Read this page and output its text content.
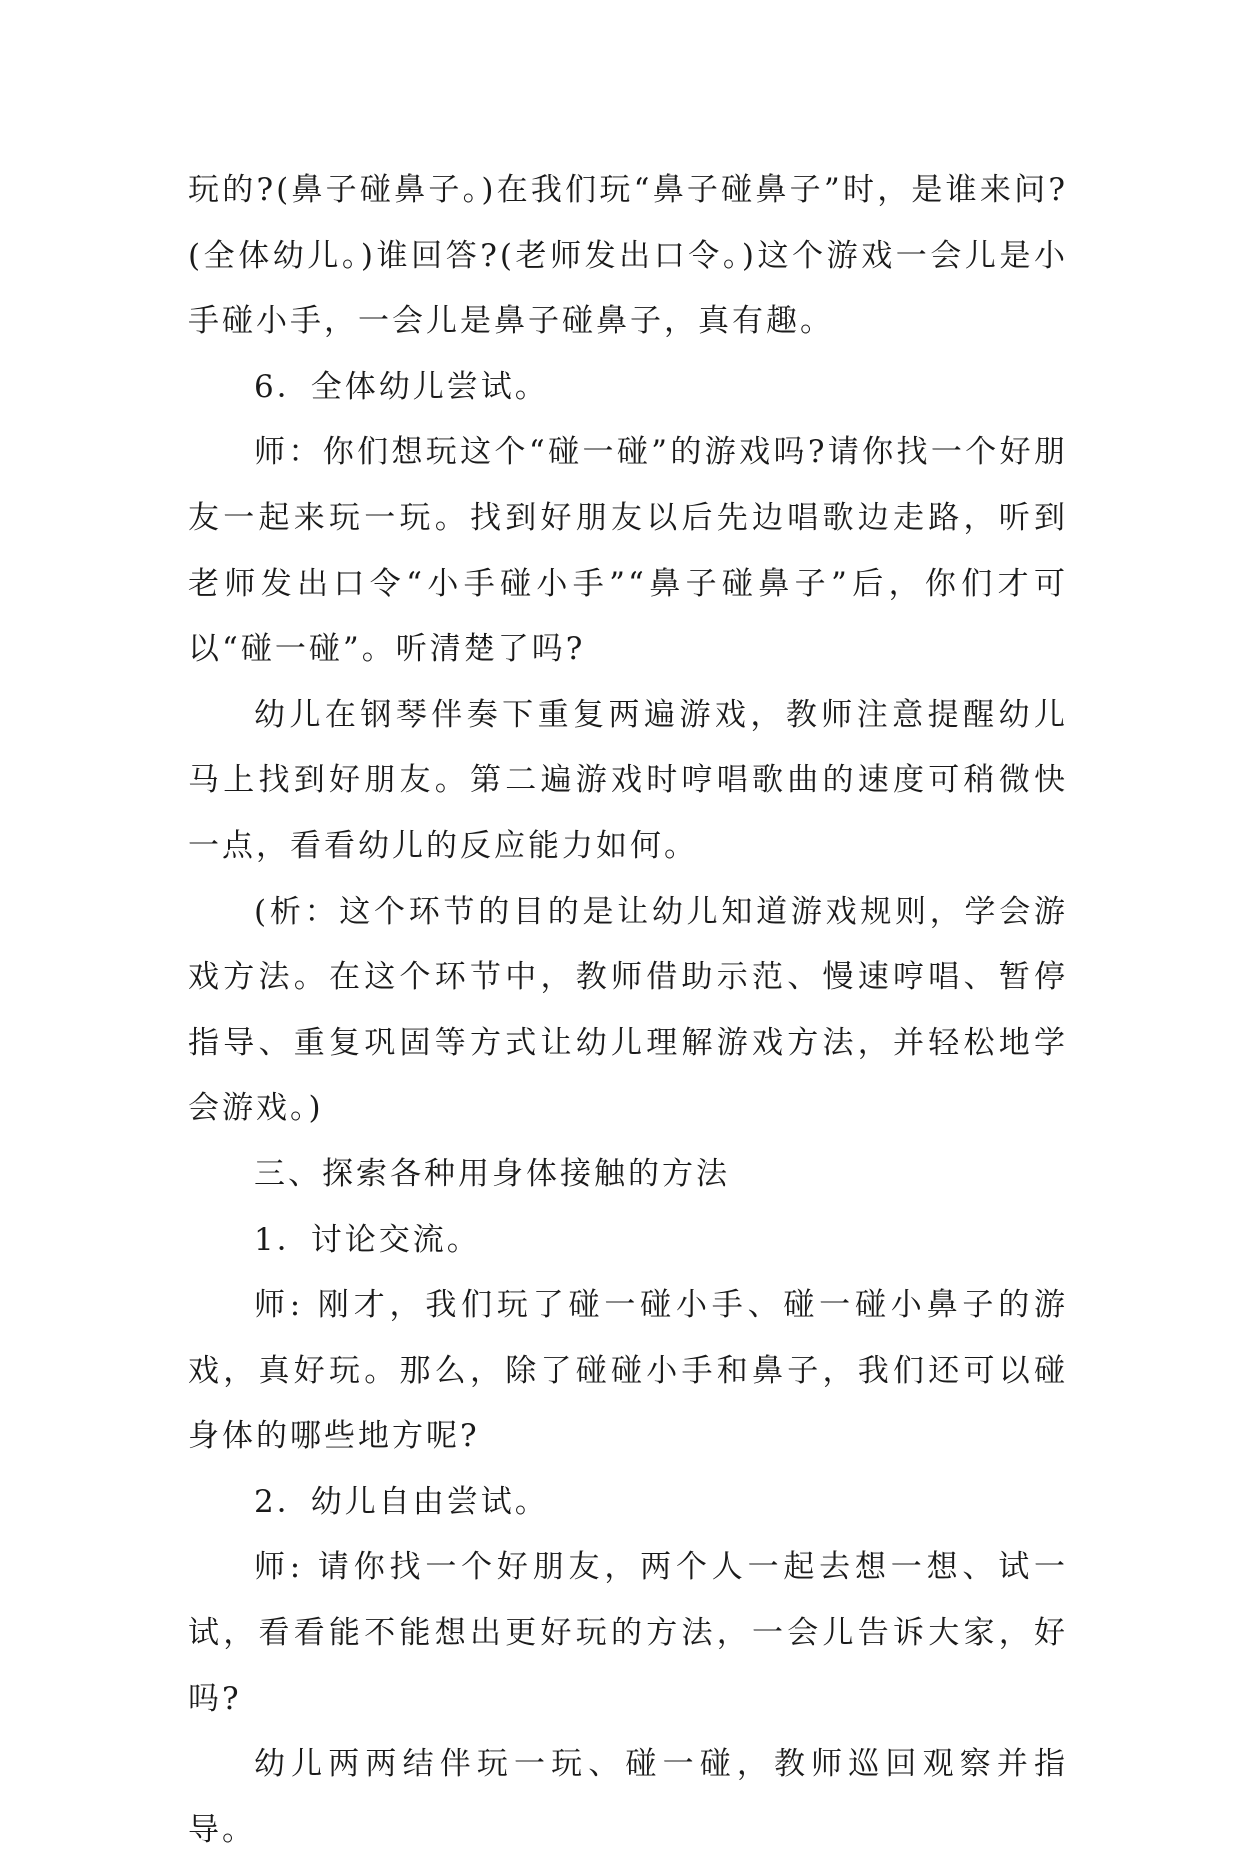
玩的?(鼻子碰鼻子。)在我们玩“鼻子碰鼻子”时，是谁来问?(全体幼儿。)谁回答?(老师发出口令。)这个游戏一会儿是小手碰小手，一会儿是鼻子碰鼻子，真有趣。

6．全体幼儿尝试。

师：你们想玩这个“碰一碰”的游戏吗?请你找一个好朋友一起来玩一玩。找到好朋友以后先边唱歌边走路，听到老师发出口令“小手碰小手”“鼻子碰鼻子”后，你们才可以“碰一碰”。听清楚了吗?

幼儿在钢琴伴奏下重复两遍游戏，教师注意提醒幼儿马上找到好朋友。第二遍游戏时哼唱歌曲的速度可稍微快一点，看看幼儿的反应能力如何。

(析：这个环节的目的是让幼儿知道游戏规则，学会游戏方法。在这个环节中，教师借助示范、慢速哼唱、暂停指导、重复巩固等方式让幼儿理解游戏方法，并轻松地学会游戏。)

三、探索各种用身体接触的方法

1．讨论交流。

师: 刚才，我们玩了碰一碰小手、碰一碰小鼻子的游戏，真好玩。那么，除了碰碰小手和鼻子，我们还可以碰身体的哪些地方呢?

2．幼儿自由尝试。

师: 请你找一个好朋友，两个人一起去想一想、试一试，看看能不能想出更好玩的方法，一会儿告诉大家，好吗?

幼儿两两结伴玩一玩、碰一碰，教师巡回观察并指导。
